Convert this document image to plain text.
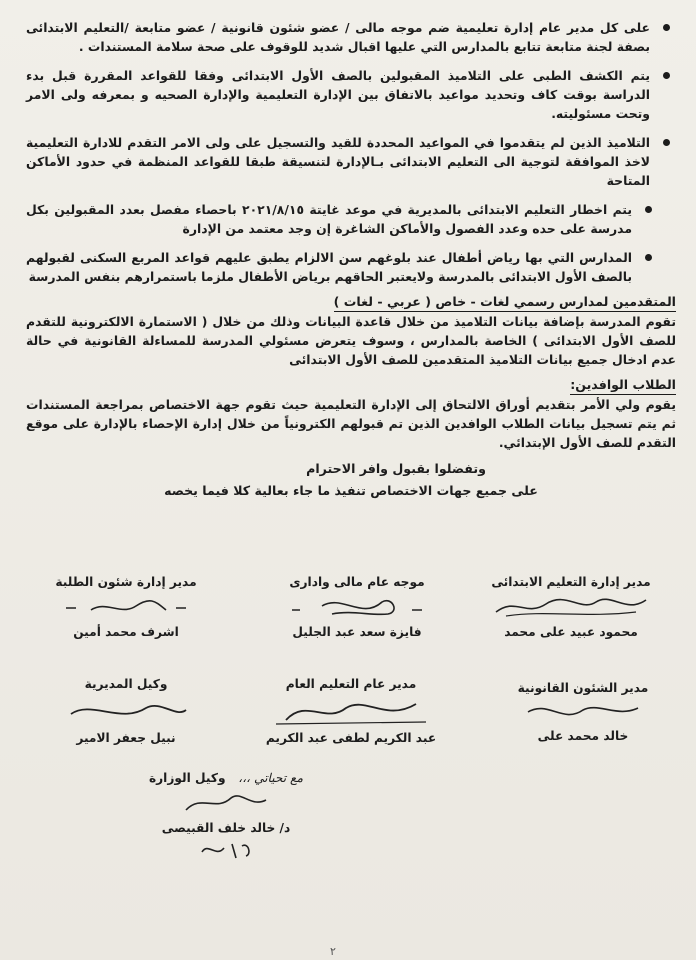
على كل مدير عام إدارة تعليمية ضم موجه مالى / عضو شئون قانونية / عضو متابعة /التعليم الابتدائى بصفة لجنة متابعة تتابع بالمدارس التي عليها اقبال شديد للوقوف على صحة سلامة المستندات .
يتم الكشف الطبى على التلاميذ المقبولين بالصف الأول الابتدائى وفقا للقواعد المقررة قبل بدء الدراسة بوقت كاف وتحديد مواعيد بالاتفاق بين الإدارة التعليمية والإدارة الصحيه و بمعرفه ولى الامر وتحت مسئوليته.
التلاميذ الذين لم يتقدموا في المواعيد المحددة للقيد والتسجيل على ولى الامر التقدم للادارة التعليمية لاخذ الموافقة لتوجية الى التعليم الابتدائى بـالإدارة لتنسيقة طبقا للقواعد المنظمة في حدود الأماكن المتاحة
يتم اخطار التعليم الابتدائى بالمديرية في موعد غايتة ٢٠٢١/٨/١٥ باحصاء مفصل بعدد المقبولين بكل مدرسة على حده وعدد الفصول والأماكن الشاغرة إن وجد معتمد من الإدارة
المدارس التي بها رياض أطفال عند بلوغهم سن الالزام يطبق عليهم قواعد المربع السكنى لقبولهم بالصف الأول الابتدائى بالمدرسة ولايعتبر الحاقهم برياض الأطفال ملزما باستمرارهم بنفس المدرسة
المتقدمين لمدارس رسمي لغات - خاص ( عربي - لغات )

تقوم المدرسة بإضافة بيانات التلاميذ من خلال قاعدة البيانات وذلك من خلال ( الاستمارة الالكترونية للتقدم للصف الأول الابتدائى ) الخاصة بالمدارس ، وسوف يتعرض مسئولي المدرسة للمساءلة القانونية في حالة عدم ادخال جميع بيانات التلاميذ المتقدمين للصف الأول الابتدائى

الطلاب الوافدين:

يقوم ولي الأمر بتقديم أوراق الالتحاق إلى الإدارة التعليمية حيث تقوم جهة الاختصاص بمراجعة المستندات ثم يتم تسجيل بيانات الطلاب الوافدين الذين تم قبولهم الكترونياً من خلال إدارة الإحصاء بالإدارة على موقع التقدم للصف الأول الإبتدائي.

وتفضلوا بقبول وافر الاحترام
على جميع جهات الاختصاص تنفيذ ما جاء بعالية كلا فيما يخصه
مدير إدارة التعليم الابتدائى
محمود عبيد على محمد
موجه عام مالى وادارى
فايزة سعد عبد الجليل
مدير إدارة شئون الطلبة
اشرف محمد أمين
مدير الشئون القانونية
خالد محمد على
مدير عام التعليم العام
عبد الكريم لطفى عبد الكريم
وكيل المديرية
نبيل جعفر الامير
مع تحياتي ،،،   وكيل الوزارة
د/ خالد خلف القبيصى
٢
